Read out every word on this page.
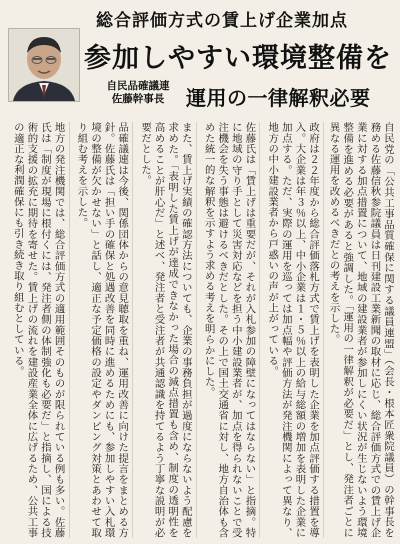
総合評価方式の賃上げ企業加点
参加しやすい環境整備を
自民品確議連
佐藤幹事長	運用の一律解釈必要
自民党の「公共工事品質確保に関する議員連盟」（会長・根本匠衆院議員）の幹事長を務める佐藤信秋参院議員は日刊建設工業新聞の取材に応じ、総合評価方式での賃上げ企業に対する加点措置について、地域の建設業者が参加しにくい状況が生じないよう環境整備を進める必要があると強調した。「運用の一律解釈が必要だ」とし、発注者ごとに異なる運用を改めるべきだとの考えを示した。
政府は２２年度から総合評価落札方式で賃上げを表明した企業を加点評価する措置を導入。大企業は年３％以上、中小企業は１・５％以上の給与総額の増加を表明した企業に加点する。ただ、実際の運用を巡っては加点幅や評価方法が発注機関によって異なり、地方の中小建設業者から戸惑いの声が上がっている。
佐藤氏は「賃上げは重要だが、それが入札参加の障壁になってはならない」と指摘。特に地域の守り手として災害対応などを担う中小建設業者が、加点を得られないことで受注機会を失う事態は避けるべきだとした。その上で国土交通省に対し、地方自治体も含めた統一的な解釈を示すよう求める考えを明らかにした。
また、賃上げ実績の確認方法についても、企業の事務負担が過度にならないよう配慮を求めた。「表明した賃上げが達成できなかった場合の減点措置も含め、制度の透明性を高めることが肝心だ」と述べ、発注者と受注者が共通認識を持てるよう丁寧な説明が必要だとした。
品確議連は今後、関係団体からの意見聴取を重ね、運用改善に向けた提言をまとめる方針。佐藤氏は「担い手の確保と処遇改善を同時に進めるためにも、参加しやすい入札環境の整備が欠かせない」と話し、適正な予定価格の設定やダンピング対策とあわせて取り組む考えを示した。
地方の発注機関では、総合評価方式の適用範囲そのものが限られている例も多い。佐藤氏は「制度が現場に根付くには、発注者側の体制強化も必要だ」と指摘し、国による技術的支援の拡充に期待を寄せた。賃上げの流れを建設産業全体に広げるため、公共工事の適正な利潤確保にも引き続き取り組むとしている。
